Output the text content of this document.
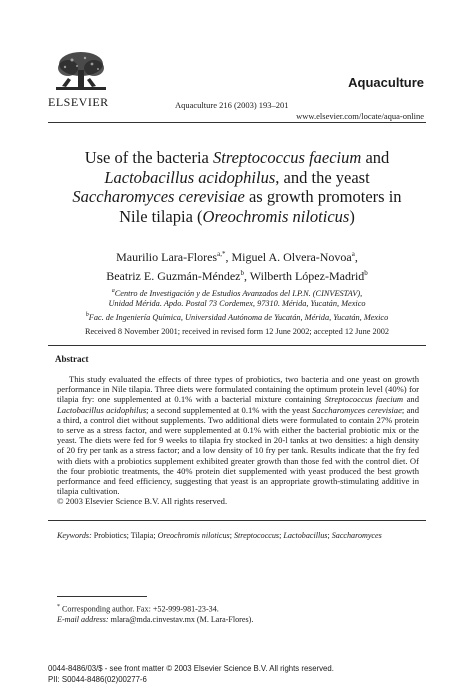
ELSEVIER	Aquaculture 216 (2003) 193–201
Aquaculture
www.elsevier.com/locate/aqua-online
Use of the bacteria Streptococcus faecium and
Lactobacillus acidophilus, and the yeast
Saccharomyces cerevisiae as growth promoters in
Nile tilapia (Oreochromis niloticus)
Maurilio Lara-Flores$^{a,*}$, Miguel A. Olvera-Novoa$^a$,
Beatriz E. Guzmán-Méndez$^b$, Wilberth López-Madrid$^b$
$^a$Centro de Investigación y de Estudios Avanzados del I.P.N. (CINVESTAV),
Unidad Mérida. Apdo. Postal 73 Cordemex, 97310. Mérida, Yucatán, Mexico
$^b$Fac. de Ingeniería Química, Universidad Autónoma de Yucatán, Mérida, Yucatán, Mexico
Received 8 November 2001; received in revised form 12 June 2002; accepted 12 June 2002
Abstract

This study evaluated the effects of three types of probiotics, two bacteria and one yeast on growth performance in Nile tilapia. Three diets were formulated containing the optimum protein level (40%) for tilapia fry: one supplemented at 0.1% with a bacterial mixture containing Streptococcus faecium and Lactobacillus acidophilus; a second supplemented at 0.1% with the yeast Saccharomyces cerevisiae; and a third, a control diet without supplements. Two additional diets were formulated to contain 27% protein to serve as a stress factor, and were supplemented at 0.1% with either the bacterial probiotic mix or the yeast. The diets were fed for 9 weeks to tilapia fry stocked in 20-l tanks at two densities: a high density of 20 fry per tank as a stress factor; and a low density of 10 fry per tank. Results indicate that the fry fed with diets with a probiotics supplement exhibited greater growth than those fed with the control diet. Of the four probiotic treatments, the 40% protein diet supplemented with yeast produced the best growth performance and feed efficiency, suggesting that yeast is an appropriate growth-stimulating additive in tilapia cultivation.

© 2003 Elsevier Science B.V. All rights reserved.
Keywords: Probiotics; Tilapia; Oreochromis niloticus; Streptococcus; Lactobacillus; Saccharomyces
* Corresponding author. Fax: +52-999-981-23-34.
E-mail address: mlara@mda.cinvestav.mx (M. Lara-Flores).
0044-8486/03/$ - see front matter © 2003 Elsevier Science B.V. All rights reserved.
PII: S0044-8486(02)00277-6
